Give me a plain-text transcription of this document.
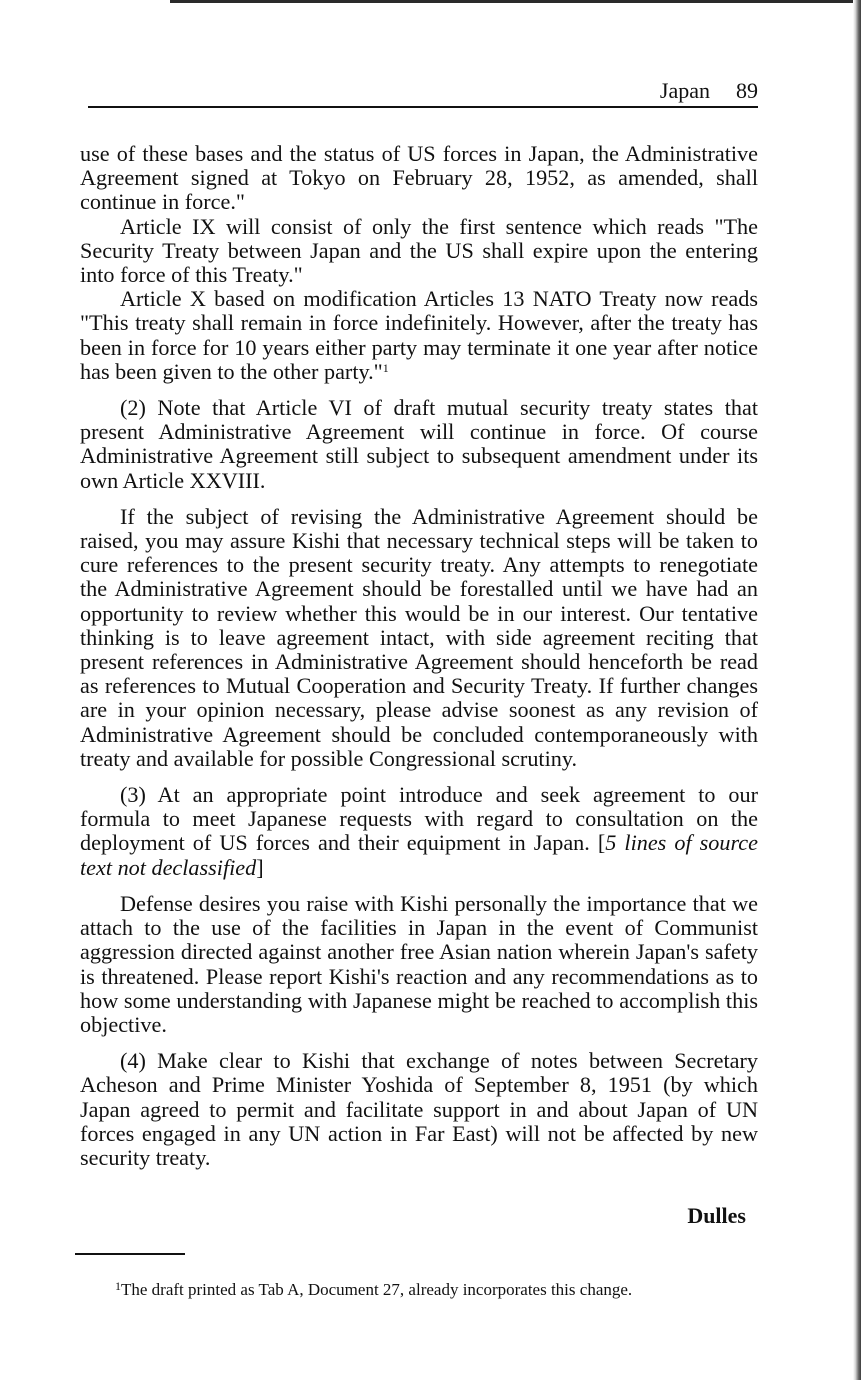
Japan 89

use of these bases and the status of US forces in Japan, the Administrative Agreement signed at Tokyo on February 28, 1952, as amended, shall continue in force."

Article IX will consist of only the first sentence which reads "The Security Treaty between Japan and the US shall expire upon the entering into force of this Treaty."

Article X based on modification Articles 13 NATO Treaty now reads "This treaty shall remain in force indefinitely. However, after the treaty has been in force for 10 years either party may terminate it one year after notice has been given to the other party."$^1$

(2) Note that Article VI of draft mutual security treaty states that present Administrative Agreement will continue in force. Of course Administrative Agreement still subject to subsequent amendment under its own Article XXVIII.

If the subject of revising the Administrative Agreement should be raised, you may assure Kishi that necessary technical steps will be taken to cure references to the present security treaty. Any attempts to renegotiate the Administrative Agreement should be forestalled until we have had an opportunity to review whether this would be in our interest. Our tentative thinking is to leave agreement intact, with side agreement reciting that present references in Administrative Agreement should henceforth be read as references to Mutual Cooperation and Security Treaty. If further changes are in your opinion necessary, please advise soonest as any revision of Administrative Agreement should be concluded contemporaneously with treaty and available for possible Congressional scrutiny.

(3) At an appropriate point introduce and seek agreement to our formula to meet Japanese requests with regard to consultation on the deployment of US forces and their equipment in Japan. [5 lines of source text not declassified]

Defense desires you raise with Kishi personally the importance that we attach to the use of the facilities in Japan in the event of Communist aggression directed against another free Asian nation wherein Japan's safety is threatened. Please report Kishi's reaction and any recommendations as to how some understanding with Japanese might be reached to accomplish this objective.

(4) Make clear to Kishi that exchange of notes between Secretary Acheson and Prime Minister Yoshida of September 8, 1951 (by which Japan agreed to permit and facilitate support in and about Japan of UN forces engaged in any UN action in Far East) will not be affected by new security treaty.

Dulles
$^1$The draft printed as Tab A, Document 27, already incorporates this change.
